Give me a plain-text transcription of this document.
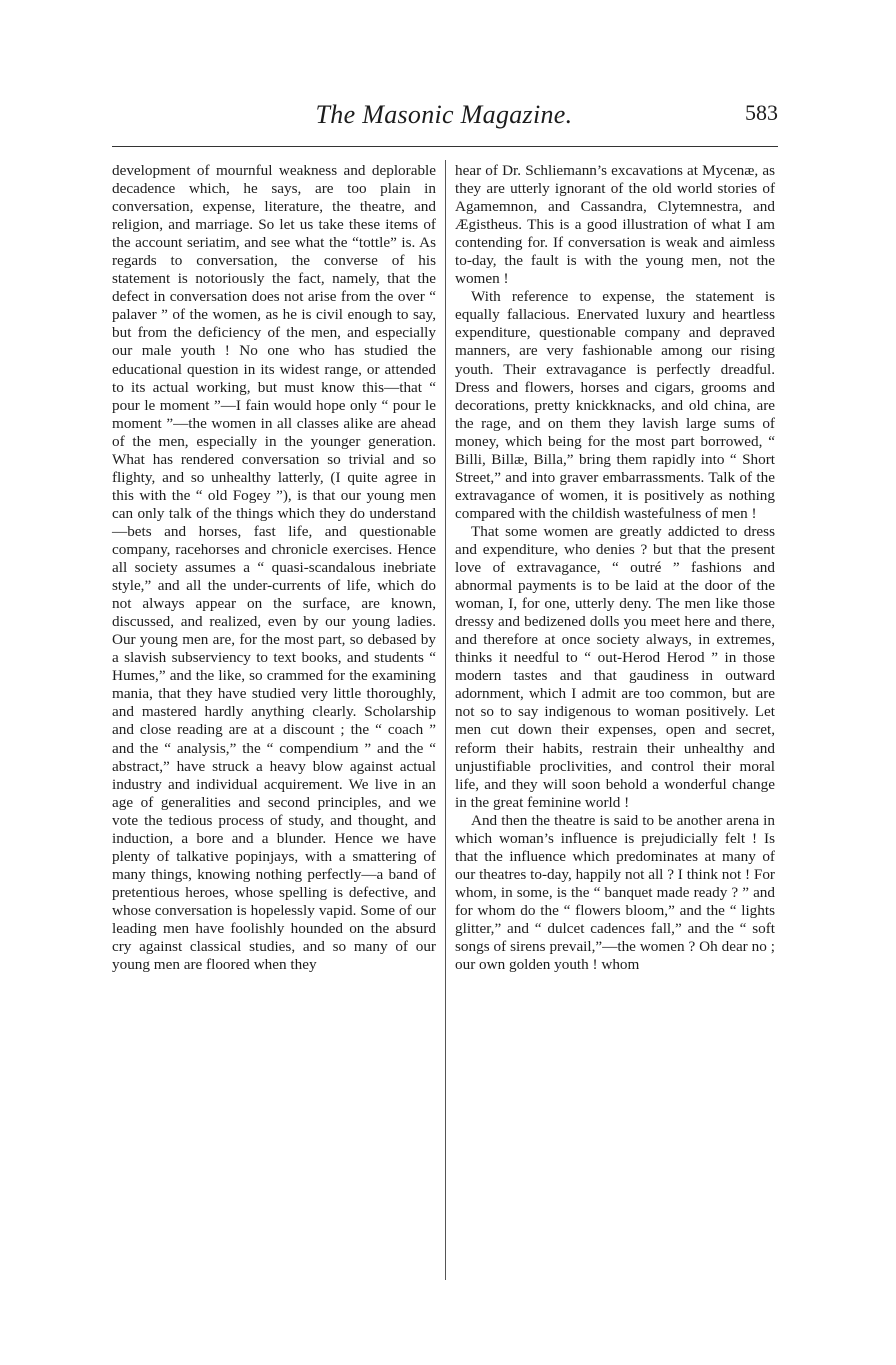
The Masonic Magazine.	583

development of mournful weakness and deplorable decadence which, he says, are too plain in conversation, expense, literature, the theatre, and religion, and marriage. So let us take these items of the account seriatim, and see what the “tottle” is. As regards to conversation, the converse of his statement is notoriously the fact, namely, that the defect in conversation does not arise from the over “ palaver ” of the women, as he is civil enough to say, but from the deficiency of the men, and especially our male youth ! No one who has studied the educational question in its widest range, or attended to its actual working, but must know this—that “ pour le moment ”—I fain would hope only “ pour le moment ”—the women in all classes alike are ahead of the men, especially in the younger generation. What has rendered conversation so trivial and so flighty, and so unhealthy latterly, (I quite agree in this with the “ old Fogey ”), is that our young men can only talk of the things which they do understand—bets and horses, fast life, and questionable company, racehorses and chronicle exercises. Hence all society assumes a “ quasi-scandalous inebriate style,” and all the under-currents of life, which do not always appear on the surface, are known, discussed, and realized, even by our young ladies. Our young men are, for the most part, so debased by a slavish subserviency to text books, and students “ Humes,” and the like, so crammed for the examining mania, that they have studied very little thoroughly, and mastered hardly anything clearly. Scholarship and close reading are at a discount ; the “ coach ” and the “ analysis,” the “ compendium ” and the “ abstract,” have struck a heavy blow against actual industry and individual acquirement. We live in an age of generalities and second principles, and we vote the tedious process of study, and thought, and induction, a bore and a blunder. Hence we have plenty of talkative popinjays, with a smattering of many things, knowing nothing perfectly—a band of pretentious heroes, whose spelling is defective, and whose conversation is hopelessly vapid. Some of our leading men have foolishly hounded on the absurd cry against classical studies, and so many of our young men are floored when they

hear of Dr. Schliemann’s excavations at Mycenæ, as they are utterly ignorant of the old world stories of Agamemnon, and Cassandra, Clytemnestra, and Ægistheus. This is a good illustration of what I am contending for. If conversation is weak and aimless to-day, the fault is with the young men, not the women !

With reference to expense, the statement is equally fallacious. Enervated luxury and heartless expenditure, questionable company and depraved manners, are very fashionable among our rising youth. Their extravagance is perfectly dreadful. Dress and flowers, horses and cigars, grooms and decorations, pretty knickknacks, and old china, are the rage, and on them they lavish large sums of money, which being for the most part borrowed, “ Billi, Billæ, Billa,” bring them rapidly into “ Short Street,” and into graver embarrassments. Talk of the extravagance of women, it is positively as nothing compared with the childish wastefulness of men !

That some women are greatly addicted to dress and expenditure, who denies ? but that the present love of extravagance, “ outré ” fashions and abnormal payments is to be laid at the door of the woman, I, for one, utterly deny. The men like those dressy and bedizened dolls you meet here and there, and therefore at once society always, in extremes, thinks it needful to “ out-Herod Herod ” in those modern tastes and that gaudiness in outward adornment, which I admit are too common, but are not so to say indigenous to woman positively. Let men cut down their expenses, open and secret, reform their habits, restrain their unhealthy and unjustifiable proclivities, and control their moral life, and they will soon behold a wonderful change in the great feminine world !

And then the theatre is said to be another arena in which woman’s influence is prejudicially felt ! Is that the influence which predominates at many of our theatres to-day, happily not all ? I think not ! For whom, in some, is the “ banquet made ready ? ” and for whom do the “ flowers bloom,” and the “ lights glitter,” and “ dulcet cadences fall,” and the “ soft songs of sirens prevail,”—the women ? Oh dear no ; our own golden youth ! whom
